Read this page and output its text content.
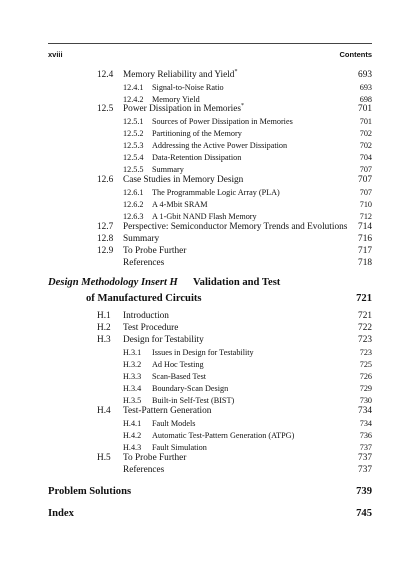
xviii	Contents
12.4 Memory Reliability and Yield*	693
12.4.1 Signal-to-Noise Ratio	693
12.4.2 Memory Yield	698
12.5 Power Dissipation in Memories*	701
12.5.1 Sources of Power Dissipation in Memories	701
12.5.2 Partitioning of the Memory	702
12.5.3 Addressing the Active Power Dissipation	702
12.5.4 Data-Retention Dissipation	704
12.5.5 Summary	707
12.6 Case Studies in Memory Design	707
12.6.1 The Programmable Logic Array (PLA)	707
12.6.2 A 4-Mbit SRAM	710
12.6.3 A 1-Gbit NAND Flash Memory	712
12.7 Perspective: Semiconductor Memory Trends and Evolutions 714
12.8 Summary	716
12.9 To Probe Further	717
References	718
Design Methodology Insert H Validation and Test
of Manufactured Circuits	721
H.1 Introduction	721
H.2 Test Procedure	722
H.3 Design for Testability	723
H.3.1 Issues in Design for Testability	723
H.3.2 Ad Hoc Testing	725
H.3.3 Scan-Based Test	726
H.3.4 Boundary-Scan Design	729
H.3.5 Built-in Self-Test (BIST)	730
H.4 Test-Pattern Generation	734
H.4.1 Fault Models	734
H.4.2 Automatic Test-Pattern Generation (ATPG)	736
H.4.3 Fault Simulation	737
H.5 To Probe Further	737
References	737
Problem Solutions	739
Index	745
